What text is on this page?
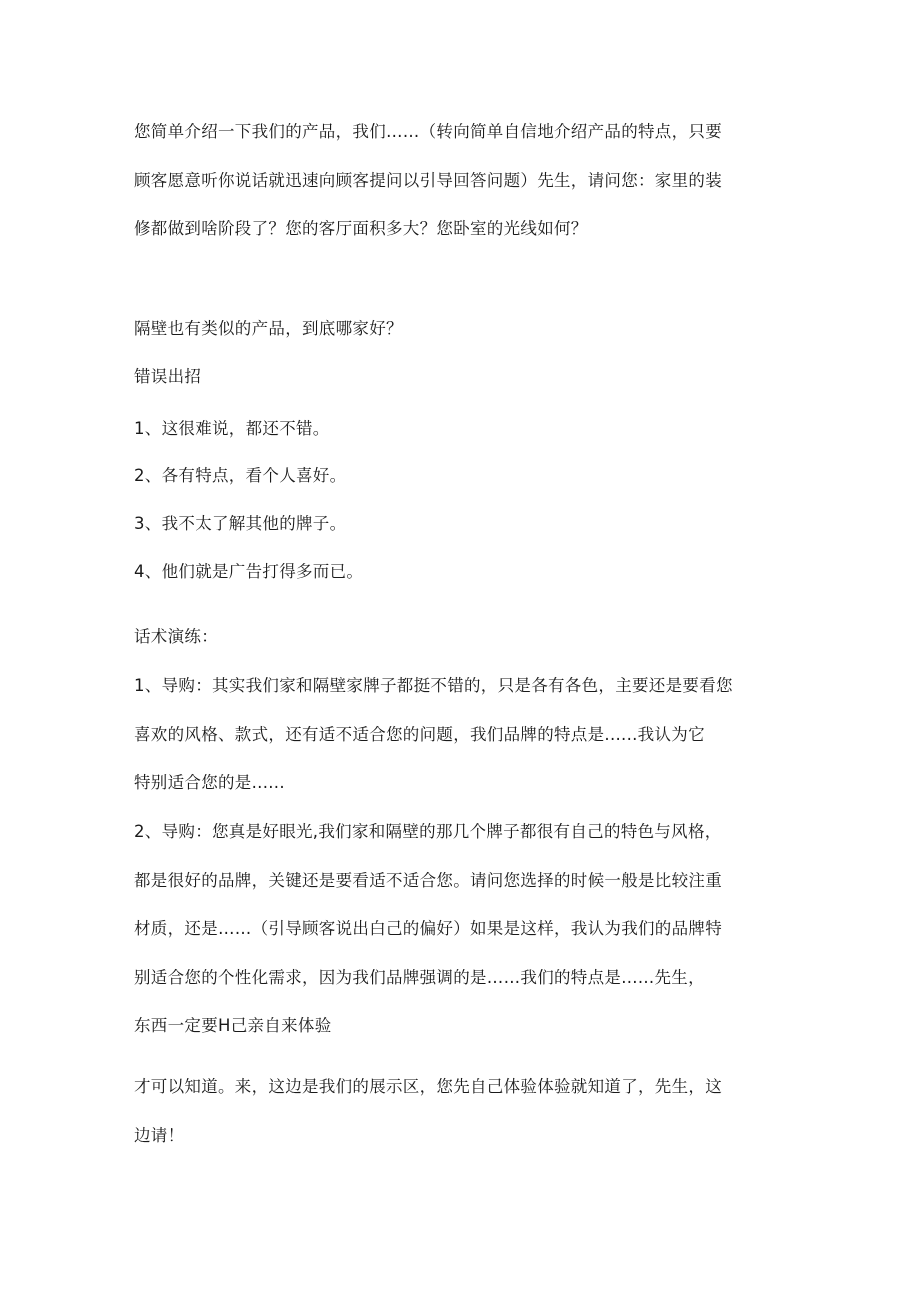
您简单介绍一下我们的产品，我们……（转向简单自信地介绍产品的特点，只要
顾客愿意听你说话就迅速向顾客提问以引导回答问题）先生，请问您：家里的装
修都做到啥阶段了？您的客厅面积多大？您卧室的光线如何？
隔壁也有类似的产品，到底哪家好？
错误出招
1、这很难说，都还不错。
2、各有特点，看个人喜好。
3、我不太了解其他的牌子。
4、他们就是广告打得多而已。
话术演练：
1、导购：其实我们家和隔壁家牌子都挺不错的，只是各有各色，主要还是要看您
喜欢的风格、款式，还有适不适合您的问题，我们品牌的特点是......我认为它
特别适合您的是......
2、导购：您真是好眼光,我们家和隔壁的那几个牌子都很有自己的特色与风格，
都是很好的品牌，关键还是要看适不适合您。请问您选择的时候一般是比较注重
材质，还是……（引导顾客说出白己的偏好）如果是这样，我认为我们的品牌特
别适合您的个性化需求，因为我们品牌强调的是……我们的特点是......先生，
东西一定要H己亲自来体验
才可以知道。来，这边是我们的展示区，您先自己体验体验就知道了，先生，这
边请！
